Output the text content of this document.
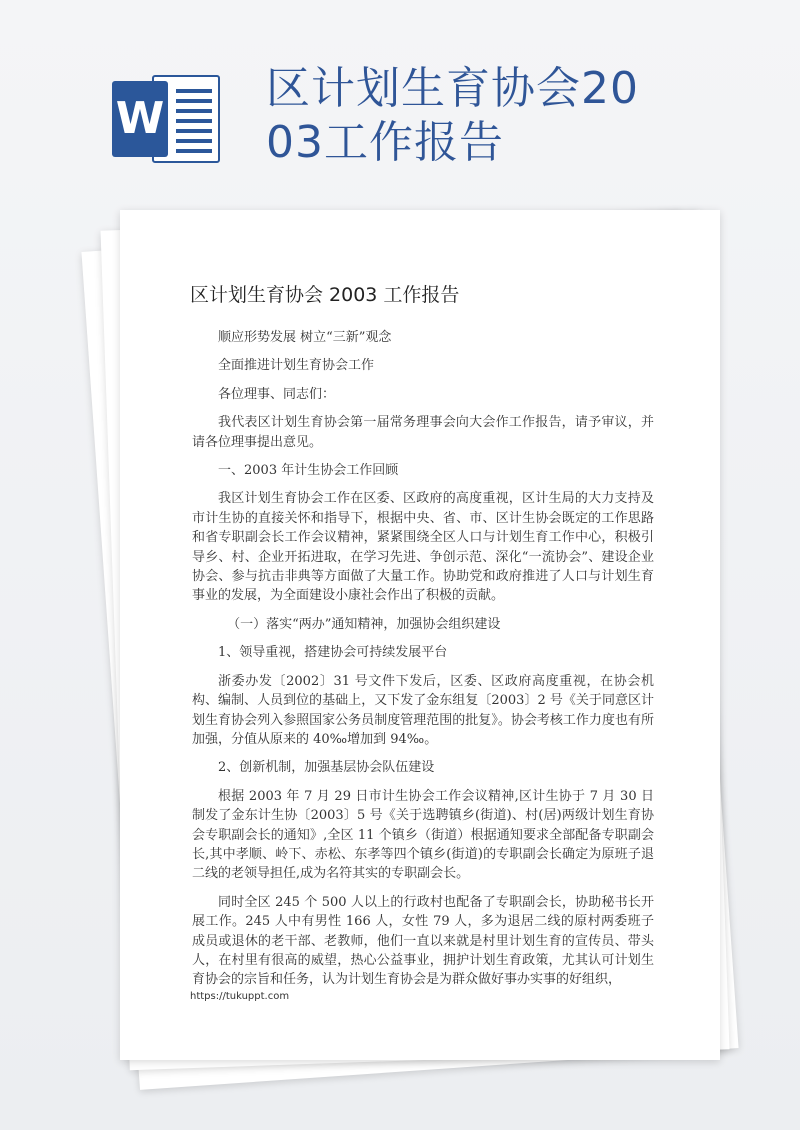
W
区计划生育协会2003工作报告
区计划生育协会 2003 工作报告

顺应形势发展 树立“三新”观念

全面推进计划生育协会工作

各位理事、同志们：

我代表区计划生育协会第一届常务理事会向大会作工作报告，请予审议，并请各位理事提出意见。

一、2003 年计生协会工作回顾

我区计划生育协会工作在区委、区政府的高度重视，区计生局的大力支持及市计生协的直接关怀和指导下，根据中央、省、市、区计生协会既定的工作思路和省专职副会长工作会议精神，紧紧围绕全区人口与计划生育工作中心，积极引导乡、村、企业开拓进取，在学习先进、争创示范、深化“一流协会”、建设企业协会、参与抗击非典等方面做了大量工作。协助党和政府推进了人口与计划生育事业的发展，为全面建设小康社会作出了积极的贡献。

（一）落实“两办”通知精神，加强协会组织建设

1、领导重视，搭建协会可持续发展平台

浙委办发〔2002〕31 号文件下发后，区委、区政府高度重视，在协会机构、编制、人员到位的基础上，又下发了金东组复〔2003〕2 号《关于同意区计划生育协会列入参照国家公务员制度管理范围的批复》。协会考核工作力度也有所加强，分值从原来的 40‰增加到 94‰。

2、创新机制，加强基层协会队伍建设

根据 2003 年 7 月 29 日市计生协会工作会议精神,区计生协于 7 月 30 日制发了金东计生协〔2003〕5 号《关于选聘镇乡(街道)、村(居)两级计划生育协会专职副会长的通知》,全区 11 个镇乡（街道）根据通知要求全部配备专职副会长,其中孝顺、岭下、赤松、东孝等四个镇乡(街道)的专职副会长确定为原班子退二线的老领导担任,成为名符其实的专职副会长。

同时全区 245 个 500 人以上的行政村也配备了专职副会长，协助秘书长开展工作。245 人中有男性 166 人，女性 79 人，多为退居二线的原村两委班子成员或退休的老干部、老教师，他们一直以来就是村里计划生育的宣传员、带头人，在村里有很高的威望，热心公益事业，拥护计划生育政策，尤其认可计划生育协会的宗旨和任务，认为计划生育协会是为群众做好事办实事的好组织，

https://tukuppt.com
